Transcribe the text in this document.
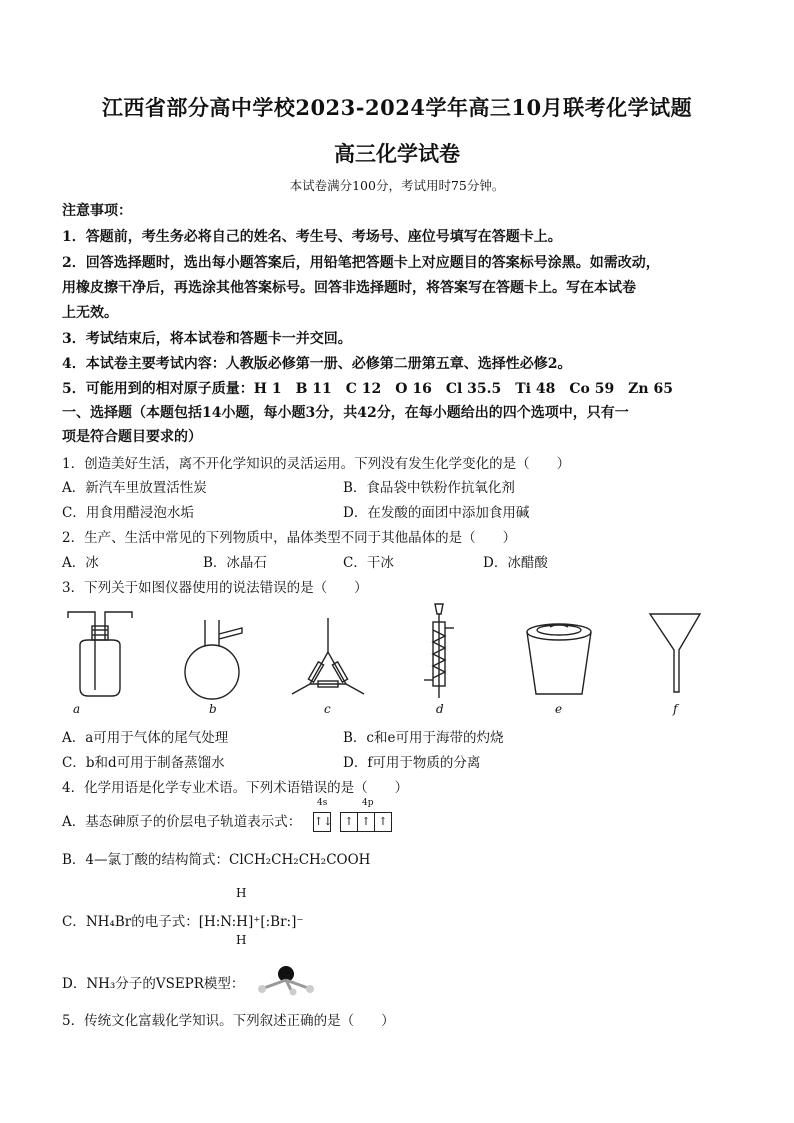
江西省部分高中学校2023-2024学年高三10月联考化学试题
高三化学试卷
本试卷满分100分，考试用时75分钟。
注意事项：
1．答题前，考生务必将自己的姓名、考生号、考场号、座位号填写在答题卡上。
2．回答选择题时，选出每小题答案后，用铅笔把答题卡上对应题目的答案标号涂黑。如需改动，
用橡皮擦干净后，再选涂其他答案标号。回答非选择题时，将答案写在答题卡上。写在本试卷
上无效。
3．考试结束后，将本试卷和答题卡一并交回。
4．本试卷主要考试内容：人教版必修第一册、必修第二册第五章、选择性必修2。
5．可能用到的相对原子质量：H 1　B 11　C 12　O 16　Cl 35.5　Ti 48　Co 59　Zn 65
一、选择题（本题包括14小题，每小题3分，共42分，在每小题给出的四个选项中，只有一
项是符合题目要求的）
1．创造美好生活，离不开化学知识的灵活运用。下列没有发生化学变化的是（　　）
A．新汽车里放置活性炭	B．食品袋中铁粉作抗氧化剂
C．用食用醋浸泡水垢	D．在发酸的面团中添加食用碱
2．生产、生活中常见的下列物质中，晶体类型不同于其他晶体的是（　　）
A．冰	B．冰晶石	C．干冰	D．冰醋酸
3．下列关于如图仪器使用的说法错误的是（　　）
a	b	c	d	e	f
A．a可用于气体的尾气处理	B．c和e可用于海带的灼烧
C．b和d可用于制备蒸馏水	D．f可用于物质的分离
4．化学用语是化学专业术语。下列术语错误的是（　　）
A．基态砷原子的价层电子轨道表示式：
4s	4p
↑↓	↑ ↑ ↑
B．4—氯丁酸的结构简式：ClCH₂CH₂CH₂COOH
H
C．NH₄Br的电子式：[H:N:H]⁺[:Br:]⁻
H
D．NH₃分子的VSEPR模型：
5．传统文化富载化学知识。下列叙述正确的是（　　）
